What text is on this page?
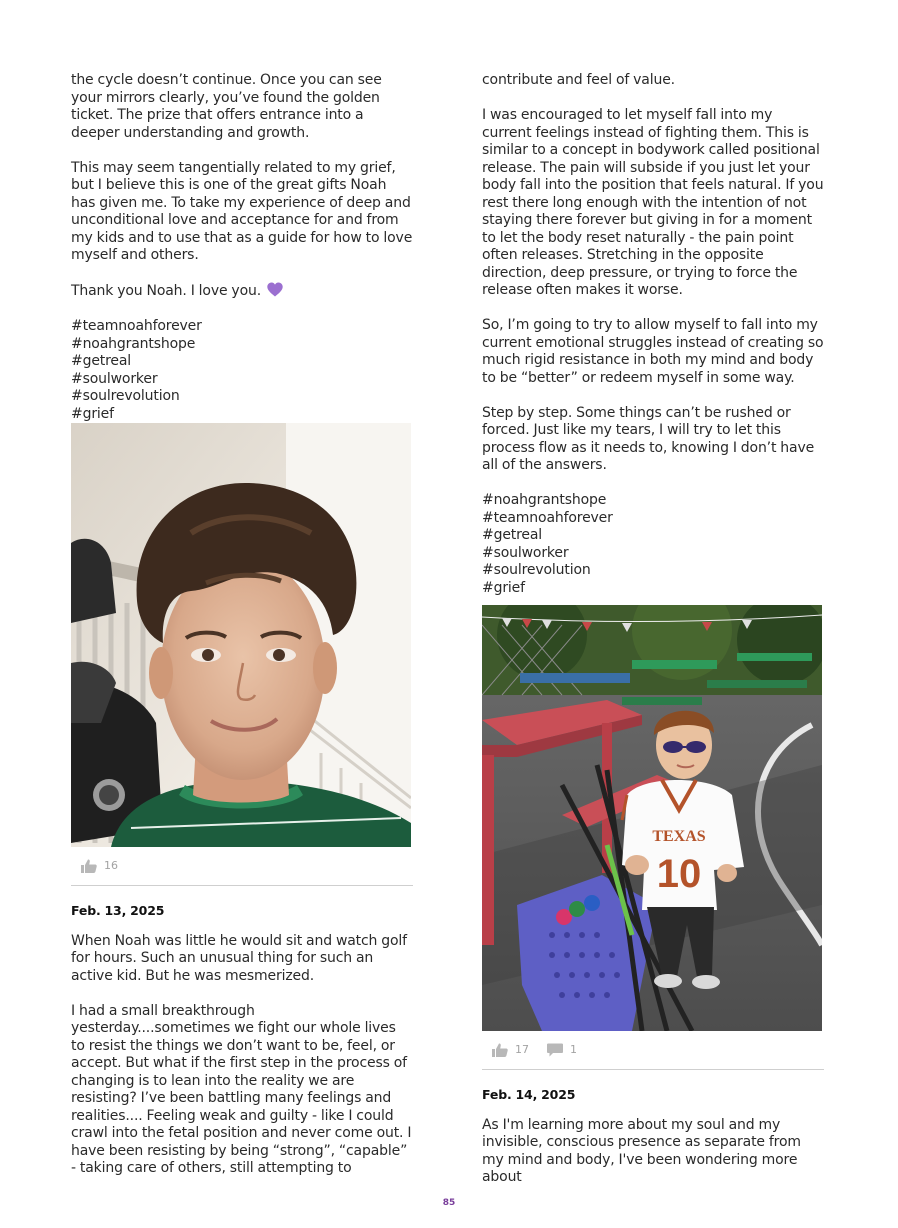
the cycle doesn’t continue. Once you can see your mirrors clearly, you’ve found the golden ticket. The prize that offers entrance into a deeper understanding and growth.

This may seem tangentially related to my grief, but I believe this is one of the great gifts Noah has given me. To take my experience of deep and unconditional love and acceptance for and from my kids and to use that as a guide for how to love myself and others.

Thank you Noah. I love you.

#teamnoahforever
#noahgrantshope
#getreal
#soulworker
#soulrevolution
#grief

16

Feb. 13, 2025

When Noah was little he would sit and watch golf for hours. Such an unusual thing for such an active kid. But he was mesmerized.

I had a small breakthrough yesterday....sometimes we fight our whole lives to resist the things we don’t want to be, feel, or accept. But what if the first step in the process of changing is to lean into the reality we are resisting? I’ve been battling many feelings and realities.... Feeling weak and guilty - like I could crawl into the fetal position and never come out. I have been resisting by being “strong”, “capable” - taking care of others, still attempting to

contribute and feel of value.

I was encouraged to let myself fall into my current feelings instead of fighting them. This is similar to a concept in bodywork called positional release. The pain will subside if you just let your body fall into the position that feels natural. If you rest there long enough with the intention of not staying there forever but giving in for a moment to let the body reset naturally - the pain point often releases. Stretching in the opposite direction, deep pressure, or trying to force the release often makes it worse.

So, I’m going to try to allow myself to fall into my current emotional struggles instead of creating so much rigid resistance in both my mind and body to be “better” or redeem myself in some way.

Step by step. Some things can’t be rushed or forced. Just like my tears, I will try to let this process flow as it needs to, knowing I don’t have all of the answers.

#noahgrantshope
#teamnoahforever
#getreal
#soulworker
#soulrevolution
#grief

TEXAS
10
17	1

Feb. 14, 2025

As I'm learning more about my soul and my invisible, conscious presence as separate from my mind and body, I've been wondering more about

85
